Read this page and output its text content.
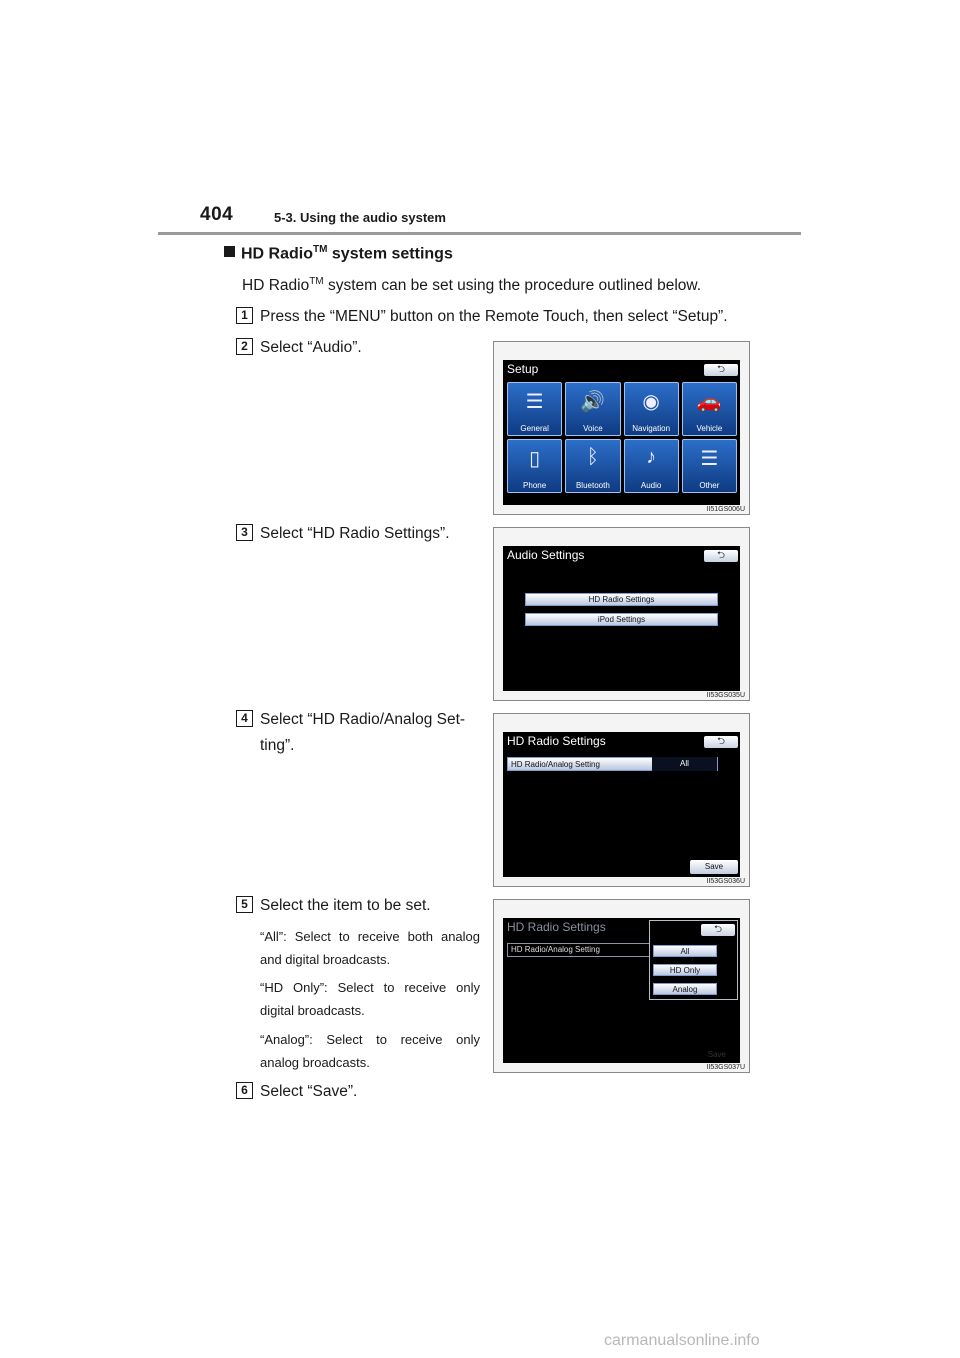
404	5-3. Using the audio system
HD Radio™ system settings
HD Radio™ system can be set using the procedure outlined below.
1 Press the “MENU” button on the Remote Touch, then select “Setup”.
2 Select “Audio”.
Setup	⮌
☰
General
🔊
Voice
◉
Navigation
🚗
Vehicle
▯
Phone
ᛒ
Bluetooth
♪
Audio
☰
Other
II51GS006U
3 Select “HD Radio Settings”.
Audio Settings	⮌
HD Radio Settings
iPod Settings
II53GS035U
4 Select “HD Radio/Analog Set-
ting”.	HD Radio Settings	⮌
HD Radio/Analog Setting	All
Save
II53GS036U
5 Select the item to be set.
“All”: Select to receive both analog and digital broadcasts.
“HD Only”: Select to receive only digital broadcasts.
“Analog”: Select to receive only analog broadcasts.
HD Radio Settings
HD Radio/Analog Setting
⮌
All
HD Only
Analog
Save
II53GS037U
6 Select “Save”.
carmanualsonline.info
